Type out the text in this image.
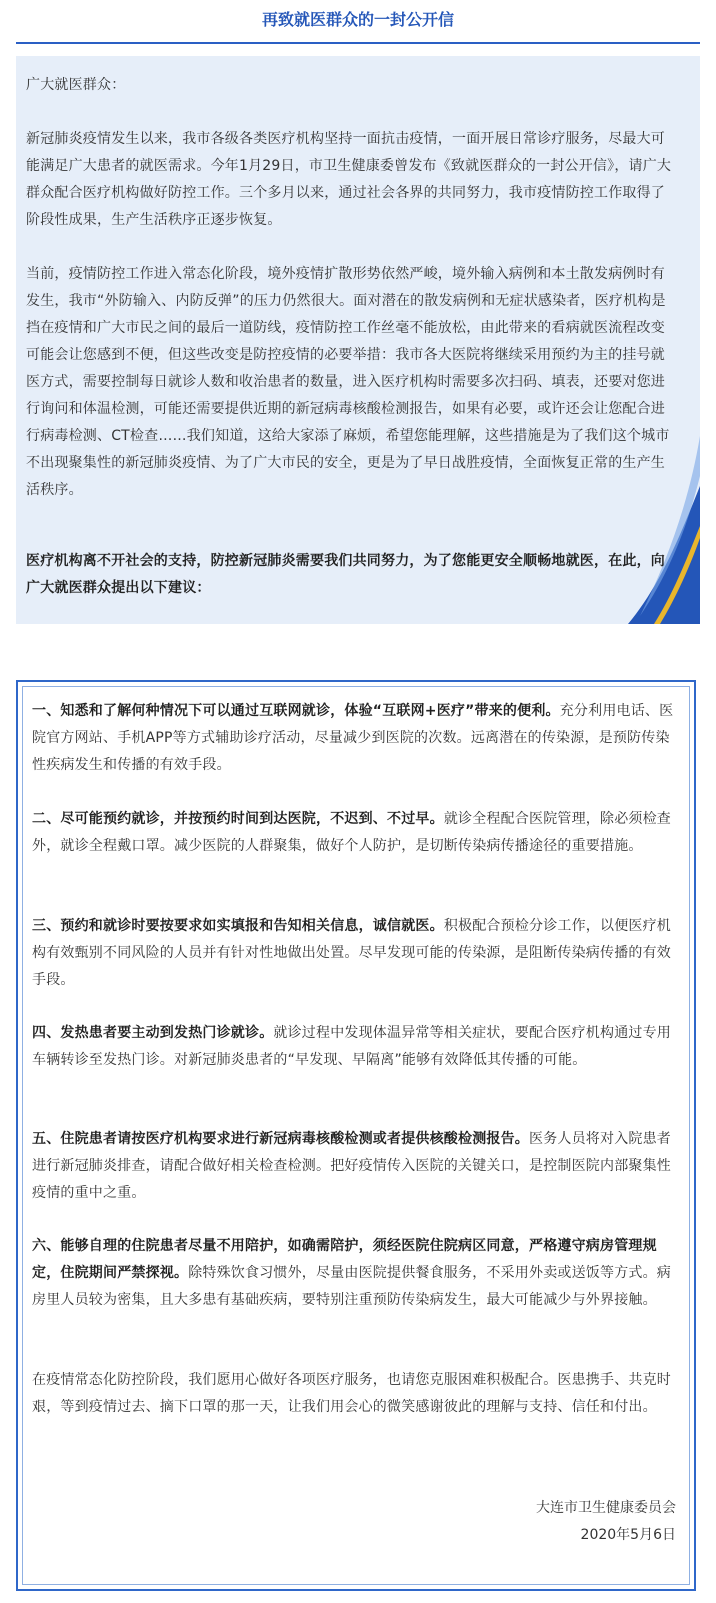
再致就医群众的一封公开信

广大就医群众：

新冠肺炎疫情发生以来，我市各级各类医疗机构坚持一面抗击疫情，一面开展日常诊疗服务，尽最大可能满足广大患者的就医需求。今年1月29日，市卫生健康委曾发布《致就医群众的一封公开信》，请广大群众配合医疗机构做好防控工作。三个多月以来，通过社会各界的共同努力，我市疫情防控工作取得了阶段性成果，生产生活秩序正逐步恢复。

当前，疫情防控工作进入常态化阶段，境外疫情扩散形势依然严峻，境外输入病例和本土散发病例时有发生，我市“外防输入、内防反弹”的压力仍然很大。面对潜在的散发病例和无症状感染者，医疗机构是挡在疫情和广大市民之间的最后一道防线，疫情防控工作丝毫不能放松，由此带来的看病就医流程改变可能会让您感到不便，但这些改变是防控疫情的必要举措：我市各大医院将继续采用预约为主的挂号就医方式，需要控制每日就诊人数和收治患者的数量，进入医疗机构时需要多次扫码、填表，还要对您进行询问和体温检测，可能还需要提供近期的新冠病毒核酸检测报告，如果有必要，或许还会让您配合进行病毒检测、CT检查……我们知道，这给大家添了麻烦，希望您能理解，这些措施是为了我们这个城市不出现聚集性的新冠肺炎疫情、为了广大市民的安全，更是为了早日战胜疫情，全面恢复正常的生产生活秩序。

医疗机构离不开社会的支持，防控新冠肺炎需要我们共同努力，为了您能更安全顺畅地就医，在此，向广大就医群众提出以下建议：

一、知悉和了解何种情况下可以通过互联网就诊，体验“互联网+医疗”带来的便利。充分利用电话、医院官方网站、手机APP等方式辅助诊疗活动，尽量减少到医院的次数。远离潜在的传染源，是预防传染性疾病发生和传播的有效手段。

二、尽可能预约就诊，并按预约时间到达医院，不迟到、不过早。就诊全程配合医院管理，除必须检查外，就诊全程戴口罩。减少医院的人群聚集，做好个人防护，是切断传染病传播途径的重要措施。

三、预约和就诊时要按要求如实填报和告知相关信息，诚信就医。积极配合预检分诊工作，以便医疗机构有效甄别不同风险的人员并有针对性地做出处置。尽早发现可能的传染源，是阻断传染病传播的有效手段。

四、发热患者要主动到发热门诊就诊。就诊过程中发现体温异常等相关症状，要配合医疗机构通过专用车辆转诊至发热门诊。对新冠肺炎患者的“早发现、早隔离”能够有效降低其传播的可能。

五、住院患者请按医疗机构要求进行新冠病毒核酸检测或者提供核酸检测报告。医务人员将对入院患者进行新冠肺炎排查，请配合做好相关检查检测。把好疫情传入医院的关键关口，是控制医院内部聚集性疫情的重中之重。

六、能够自理的住院患者尽量不用陪护，如确需陪护，须经医院住院病区同意，严格遵守病房管理规定，住院期间严禁探视。除特殊饮食习惯外，尽量由医院提供餐食服务，不采用外卖或送饭等方式。病房里人员较为密集，且大多患有基础疾病，要特别注重预防传染病发生，最大可能减少与外界接触。

在疫情常态化防控阶段，我们愿用心做好各项医疗服务，也请您克服困难积极配合。医患携手、共克时艰，等到疫情过去、摘下口罩的那一天，让我们用会心的微笑感谢彼此的理解与支持、信任和付出。

大连市卫生健康委员会

2020年5月6日
